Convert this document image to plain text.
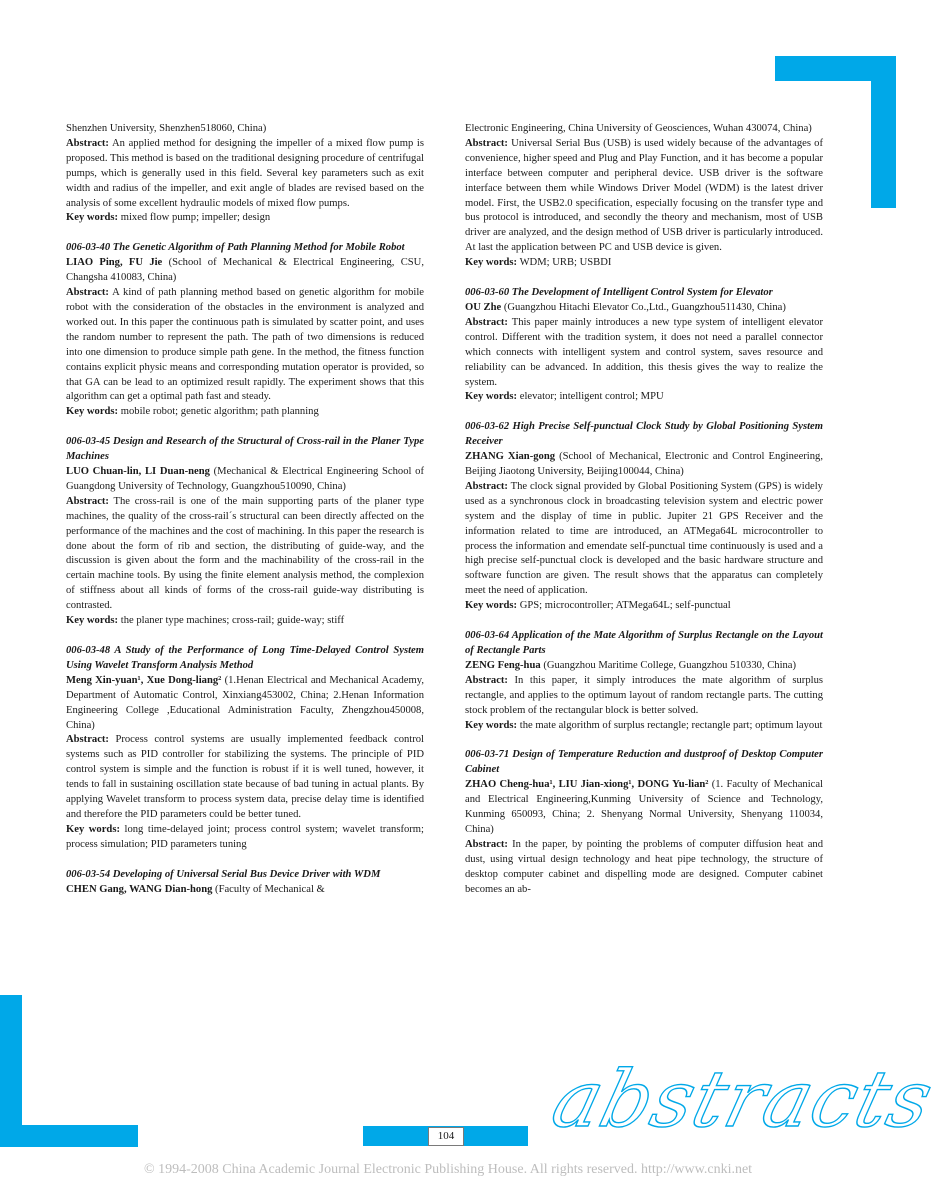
Shenzhen University, Shenzhen518060, China)

Abstract: An applied method for designing the impeller of a mixed flow pump is proposed. This method is based on the traditional designing procedure of centrifugal pumps, which is generally used in this field. Several key parameters such as exit width and radius of the impeller, and exit angle of blades are revised based on the analysis of some excellent hydraulic models of mixed flow pumps.

Key words: mixed flow pump; impeller; design

006-03-40 The Genetic Algorithm of Path Planning Method for Mobile Robot

LIAO Ping, FU Jie (School of Mechanical & Electrical Engineering, CSU, Changsha 410083, China)

Abstract: A kind of path planning method based on genetic algorithm for mobile robot with the consideration of the obstacles in the environment is analyzed and worked out. In this paper the continuous path is simulated by scatter point, and uses the random number to represent the path. The path of two dimensions is reduced into one dimension to produce simple path gene. In the method, the fitness function contains explicit physic means and corresponding mutation operator is provided, so that GA can be lead to an optimized result rapidly. The experiment shows that this algorithm can get a optimal path fast and steady.

Key words: mobile robot; genetic algorithm; path planning

006-03-45 Design and Research of the Structural of Cross-rail in the Planer Type Machines

LUO Chuan-lin, LI Duan-neng (Mechanical & Electrical Engineering School of Guangdong University of Technology, Guangzhou510090, China)

Abstract: The cross-rail is one of the main supporting parts of the planer type machines, the quality of the cross-rail´s structural can been directly affected on the performance of the machines and the cost of machining. In this paper the research is done about the form of rib and section, the distributing of guide-way, and the discussion is given about the form and the machinability of the cross-rail in the certain machine tools. By using the finite element analysis method, the complexion of stiffness about all kinds of forms of the cross-rail guide-way distributing is contrasted.

Key words: the planer type machines; cross-rail; guide-way; stiff

006-03-48 A Study of the Performance of Long Time-Delayed Control System Using Wavelet Transform Analysis Method

Meng Xin-yuan¹, Xue Dong-liang² (1.Henan Electrical and Mechanical Academy, Department of Automatic Control, Xinxiang453002, China; 2.Henan Information Engineering College ,Educational Administration Faculty, Zhengzhou450008, China)

Abstract: Process control systems are usually implemented feedback control systems such as PID controller for stabilizing the systems. The principle of PID control system is simple and the function is robust if it is well tuned, however, it tends to fall in sustaining oscillation state because of bad tuning in actual plants. By applying Wavelet transform to process system data, precise delay time is identified and therefore the PID parameters could be better tuned.

Key words: long time-delayed joint; process control system; wavelet transform; process simulation; PID parameters tuning

006-03-54 Developing of Universal Serial Bus Device Driver with WDM

CHEN Gang, WANG Dian-hong (Faculty of Mechanical &

Electronic Engineering, China University of Geosciences, Wuhan 430074, China)

Abstract: Universal Serial Bus (USB) is used widely because of the advantages of convenience, higher speed and Plug and Play Function, and it has become a popular interface between computer and peripheral device. USB driver is the software interface between them while Windows Driver Model (WDM) is the latest driver model. First, the USB2.0 specification, especially focusing on the transfer type and bus protocol is introduced, and secondly the theory and mechanism, most of USB driver are analyzed, and the design method of USB driver is particularly introduced. At last the application between PC and USB device is given.

Key words: WDM; URB; USBDI

006-03-60 The Development of Intelligent Control System for Elevator

OU Zhe (Guangzhou Hitachi Elevator Co.,Ltd., Guangzhou511430, China)

Abstract: This paper mainly introduces a new type system of intelligent elevator control. Different with the tradition system, it does not need a parallel connector which connects with intelligent system and control system, saves resource and reliability can be advanced. In addition, this thesis gives the way to realize the system.

Key words: elevator; intelligent control; MPU

006-03-62 High Precise Self-punctual Clock Study by Global Positioning System Receiver

ZHANG Xian-gong (School of Mechanical, Electronic and Control Engineering, Beijing Jiaotong University, Beijing100044, China)

Abstract: The clock signal provided by Global Positioning System (GPS) is widely used as a synchronous clock in broadcasting television system and electric power system and the display of time in public. Jupiter 21 GPS Receiver and the information related to time are introduced, an ATMega64L microcontroller to process the information and emendate self-punctual time continuously is used and a high precise self-punctual clock is developed and the basic hardware structure and software function are given. The result shows that the apparatus can completely meet the need of application.

Key words: GPS; microcontroller; ATMega64L; self-punctual

006-03-64 Application of the Mate Algorithm of Surplus Rectangle on the Layout of Rectangle Parts

ZENG Feng-hua (Guangzhou Maritime College, Guangzhou 510330, China)

Abstract: In this paper, it simply introduces the mate algorithm of surplus rectangle, and applies to the optimum layout of random rectangle parts. The cutting stock problem of the rectangular block is better solved.

Key words: the mate algorithm of surplus rectangle; rectangle part; optimum layout

006-03-71 Design of Temperature Reduction and dustproof of Desktop Computer Cabinet

ZHAO Cheng-hua¹, LIU Jian-xiong¹, DONG Yu-lian² (1. Faculty of Mechanical and Electrical Engineering,Kunming University of Science and Technology, Kunming 650093, China; 2. Shenyang Normal University, Shenyang 110034, China)

Abstract: In the paper, by pointing the problems of computer diffusion heat and dust, using virtual design technology and heat pipe technology, the structure of desktop computer cabinet and dispelling mode are designed. Computer cabinet becomes an ab-

104 abstracts
© 1994-2008 China Academic Journal Electronic Publishing House. All rights reserved. http://www.cnki.net
